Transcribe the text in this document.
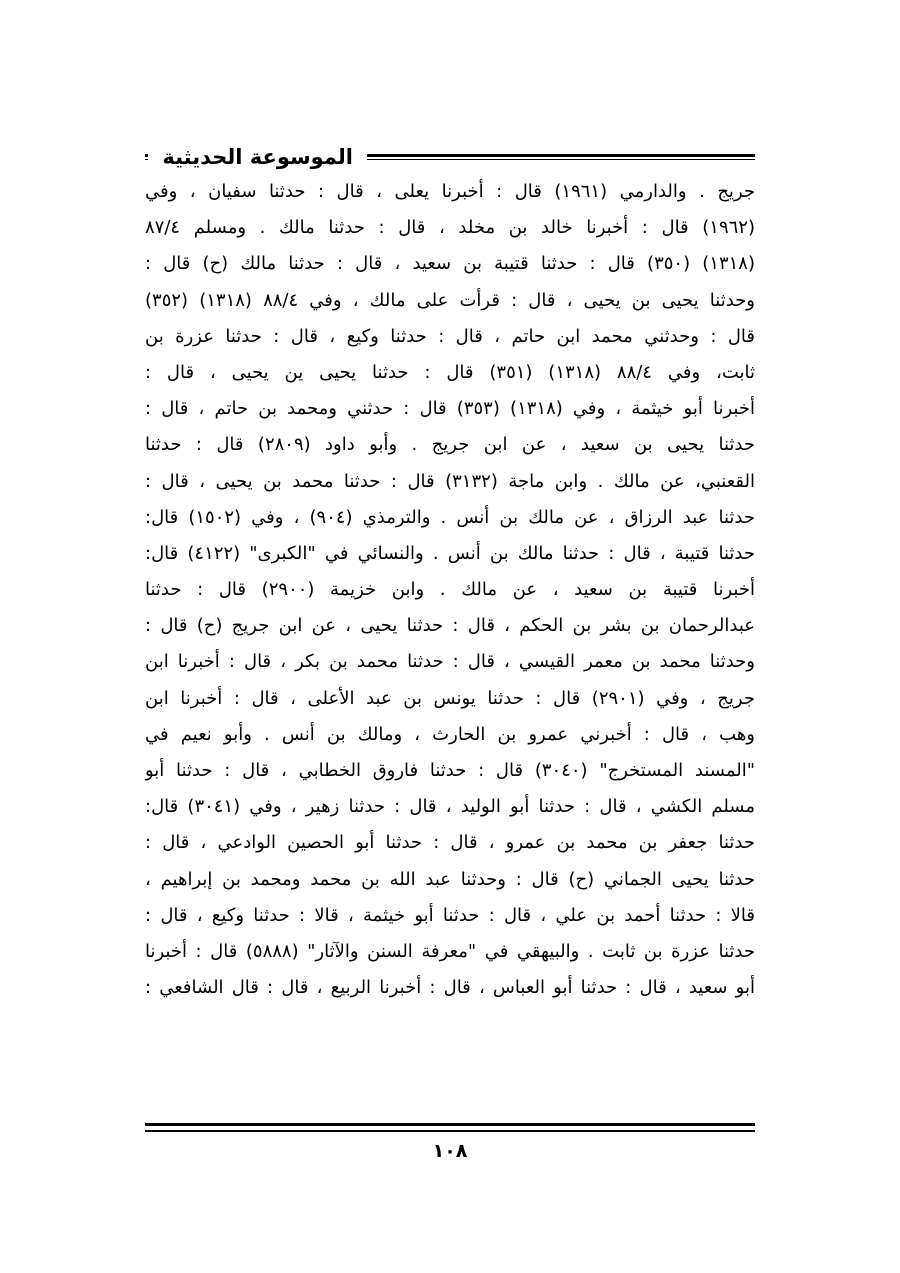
الموسوعة الحديثية
جريج . والدارمي (١٩٦١) قال : أخبرنا يعلى ، قال : حدثنا سفيان ، وفي
(١٩٦٢) قال : أخبرنا خالد بن مخلد ، قال : حدثنا مالك . ومسلم ٨٧/٤
(١٣١٨) (٣٥٠) قال : حدثنا قتيبة بن سعيد ، قال : حدثنا مالك (ح) قال :
وحدثنا يحيى بن يحيى ، قال : قرأت على مالك ، وفي ٨٨/٤ (١٣١٨) (٣٥٢)
قال : وحدثني محمد ابن حاتم ، قال : حدثنا وكيع ، قال : حدثنا عزرة بن
ثابت، وفي ٨٨/٤ (١٣١٨) (٣٥١) قال : حدثنا يحيى ين يحيى ، قال :
أخبرنا أبو خيثمة ، وفي (١٣١٨) (٣٥٣) قال : حدثني ومحمد بن حاتم ، قال :
حدثنا يحيى بن سعيد ، عن ابن جريج . وأبو داود (٢٨٠٩) قال : حدثنا
القعنبي، عن مالك . وابن ماجة (٣١٣٢) قال : حدثنا محمد بن يحيى ، قال :
حدثنا عبد الرزاق ، عن مالك بن أنس . والترمذي (٩٠٤) ، وفي (١٥٠٢) قال:
حدثنا قتيبة ، قال : حدثنا مالك بن أنس . والنسائي في "الكبرى" (٤١٢٢) قال:
أخبرنا قتيبة بن سعيد ، عن مالك . وابن خزيمة (٢٩٠٠) قال : حدثنا
عبدالرحمان بن بشر بن الحكم ، قال : حدثنا يحيى ، عن ابن جريج (ح) قال :
وحدثنا محمد بن معمر القيسي ، قال : حدثنا محمد بن بكر ، قال : أخبرنا ابن
جريج ، وفي (٢٩٠١) قال : حدثنا يونس بن عبد الأعلى ، قال : أخبرنا ابن
وهب ، قال : أخبرني عمرو بن الحارث ، ومالك بن أنس . وأبو نعيم في
"المسند المستخرج" (٣٠٤٠) قال : حدثنا فاروق الخطابي ، قال : حدثنا أبو
مسلم الكشي ، قال : حدثنا أبو الوليد ، قال : حدثنا زهير ، وفي (٣٠٤١) قال:
حدثنا جعفر بن محمد بن عمرو ، قال : حدثنا أبو الحصين الوادعي ، قال :
حدثنا يحيى الجماني (ح) قال : وحدثنا عبد الله بن محمد ومحمد بن إبراهيم ،
قالا : حدثنا أحمد بن علي ، قال : حدثنا أبو خيثمة ، قالا : حدثنا وكيع ، قال :
حدثنا عزرة بن ثابت . والبيهقي في "معرفة السنن والآثار" (٥٨٨٨) قال : أخبرنا
أبو سعيد ، قال : حدثنا أبو العباس ، قال : أخبرنا الربيع ، قال : قال الشافعي :
١٠٨
